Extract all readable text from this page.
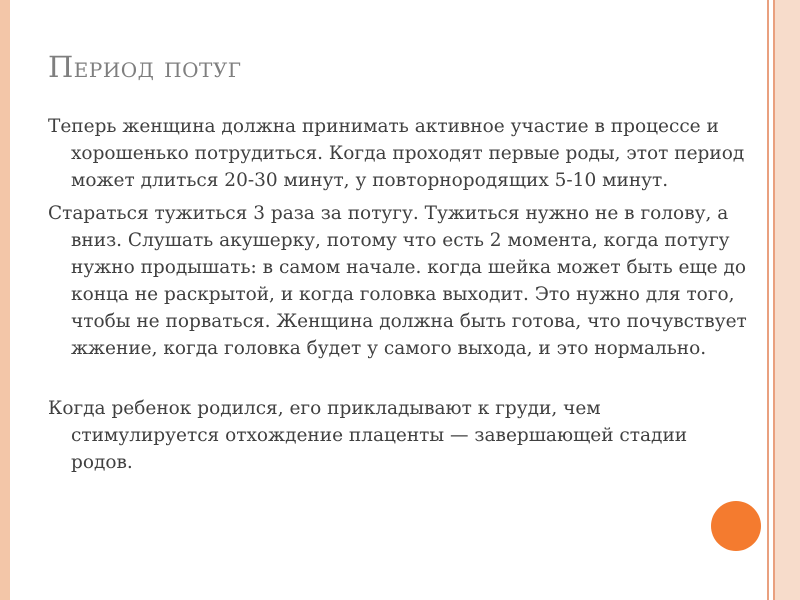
Период потуг
Теперь женщина должна принимать активное участие в процессе и хорошенько потрудиться. Когда проходят первые роды, этот период может длиться 20-30 минут, у повторнородящих 5-10 минут.
Стараться тужиться 3 раза за потугу. Тужиться нужно не в голову, а вниз. Слушать акушерку, потому что есть 2 момента, когда потугу нужно продышать: в самом начале. когда шейка может быть еще до конца не раскрытой, и когда головка выходит. Это нужно для того, чтобы не порваться. Женщина должна быть готова, что почувствует жжение, когда головка будет у самого выхода, и это нормально.
Когда ребенок родился, его прикладывают к груди, чем стимулируется отхождение плаценты — завершающей стадии родов.
